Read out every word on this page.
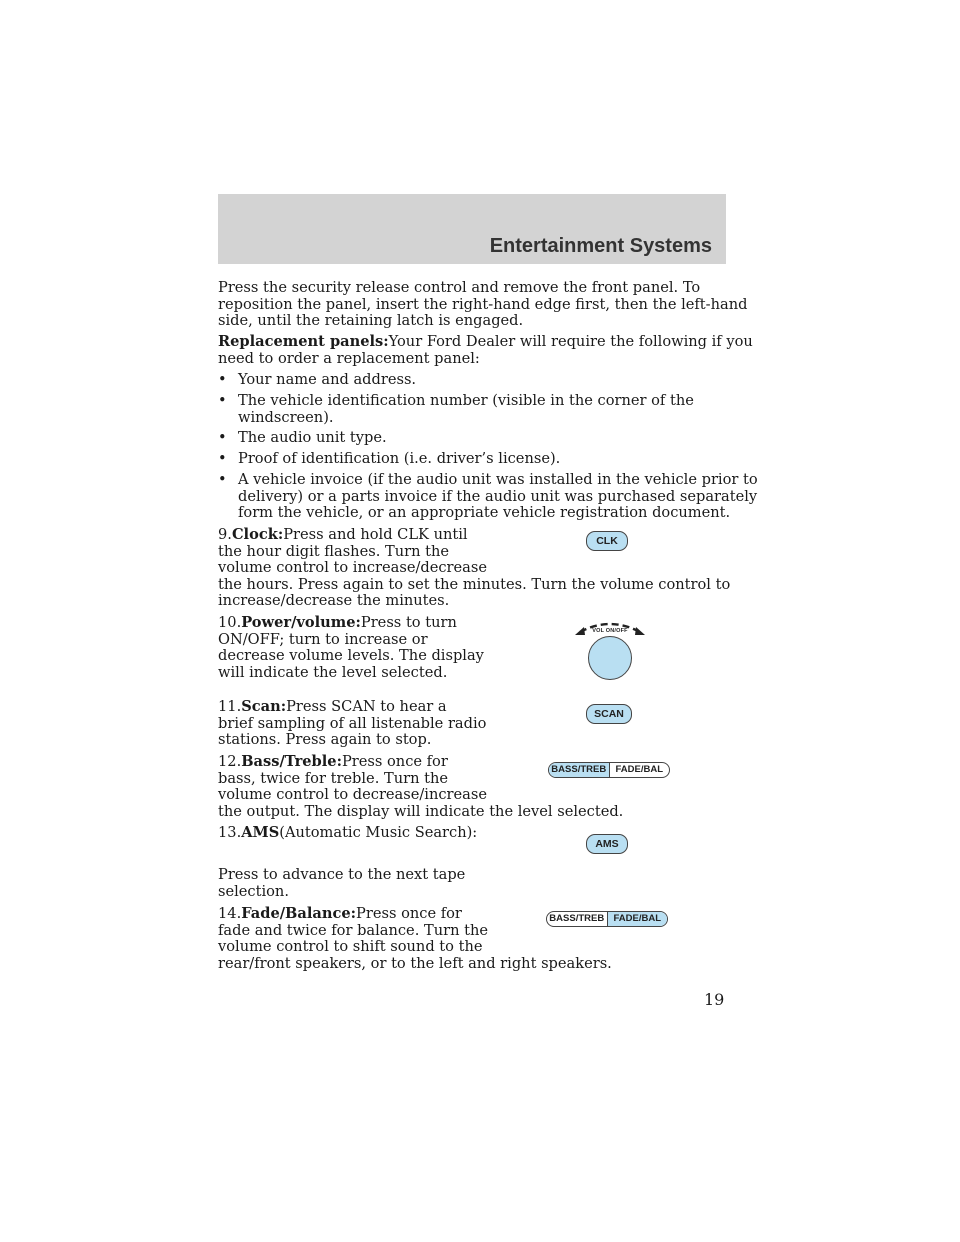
Entertainment Systems

Press the security release control and remove the front panel. To

reposition the panel, insert the right-hand edge first, then the left-hand

side, until the retaining latch is engaged.

Replacement panels:Your Ford Dealer will require the following if you

need to order a replacement panel:

• Your name and address.

• The vehicle identification number (visible in the corner of the

windscreen).

• The audio unit type.

• Proof of identification (i.e. driver’s license).

• A vehicle invoice (if the audio unit was installed in the vehicle prior to

delivery) or a parts invoice if the audio unit was purchased separately

form the vehicle, or an appropriate vehicle registration document.

9.Clock:Press and hold CLK until

the hour digit flashes. Turn the

volume control to increase/decrease

the hours. Press again to set the minutes. Turn the volume control to

increase/decrease the minutes.

CLK

10.Power/volume:Press to turn

ON/OFF; turn to increase or

decrease volume levels. The display

will indicate the level selected.

VOL ON/OFF

11.Scan:Press SCAN to hear a

brief sampling of all listenable radio

stations. Press again to stop.

SCAN

12.Bass/Treble:Press once for

bass, twice for treble. Turn the

volume control to decrease/increase

the output. The display will indicate the level selected.

BASS/TREB FADE/BAL

13.AMS(Automatic Music Search):

Press to advance to the next tape

selection.

AMS

14.Fade/Balance:Press once for

fade and twice for balance. Turn the

volume control to shift sound to the

rear/front speakers, or to the left and right speakers.

BASS/TREB FADE/BAL
19
